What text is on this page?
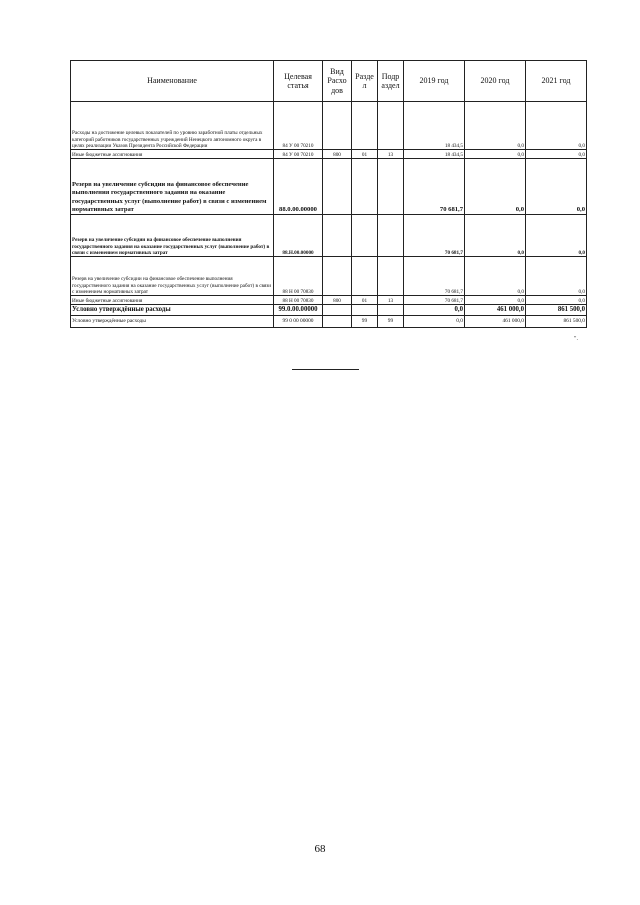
Наименование	Целевая статья	Вид Расхо дов	Разде л	Подр аздел	2019 год	2020 год	2021 год
Расходы на достижение целевых показателей по уровню заработной платы отдельных категорий работников государственных учреждений Ненецкого автономного округа в целях реализации Указов Президента Российской Федерации	84 У 00 70210				18 434,5	0,0	0,0
Иные бюджетные ассигнования	84 У 00 70210	800	01	13	18 434,5	0,0	0,0
Резерв на увеличение субсидии на финансовое обеспечение выполнения государственного задания на оказание государственных услуг (выполнение работ) в связи с изменением нормативных затрат	88.0.00.00000				70 681,7	0,0	0,0
Резерв на увеличение субсидии на финансовое обеспечение выполнения государственного задания на оказание государственных услуг (выполнение работ) в связи с изменением нормативных затрат	88.Н.00.00000				70 681,7	0,0	0,0
Резерв на увеличение субсидии на финансовое обеспечение выполнения государственного задания на оказание государственных услуг (выполнение работ) в связи с изменением нормативных затрат	88 Н 00 70830				70 681,7	0,0	0,0
Иные бюджетные ассигнования	88 Н 00 70830	800	01	13	70 681,7	0,0	0,0
Условно утверждённые расходы	99.0.00.00000				0,0	461 000,0	861 500,0
Условно утверждённые расходы	99 0 00 00000		99	99	0,0	461 000,0	861 500,0
".
68
